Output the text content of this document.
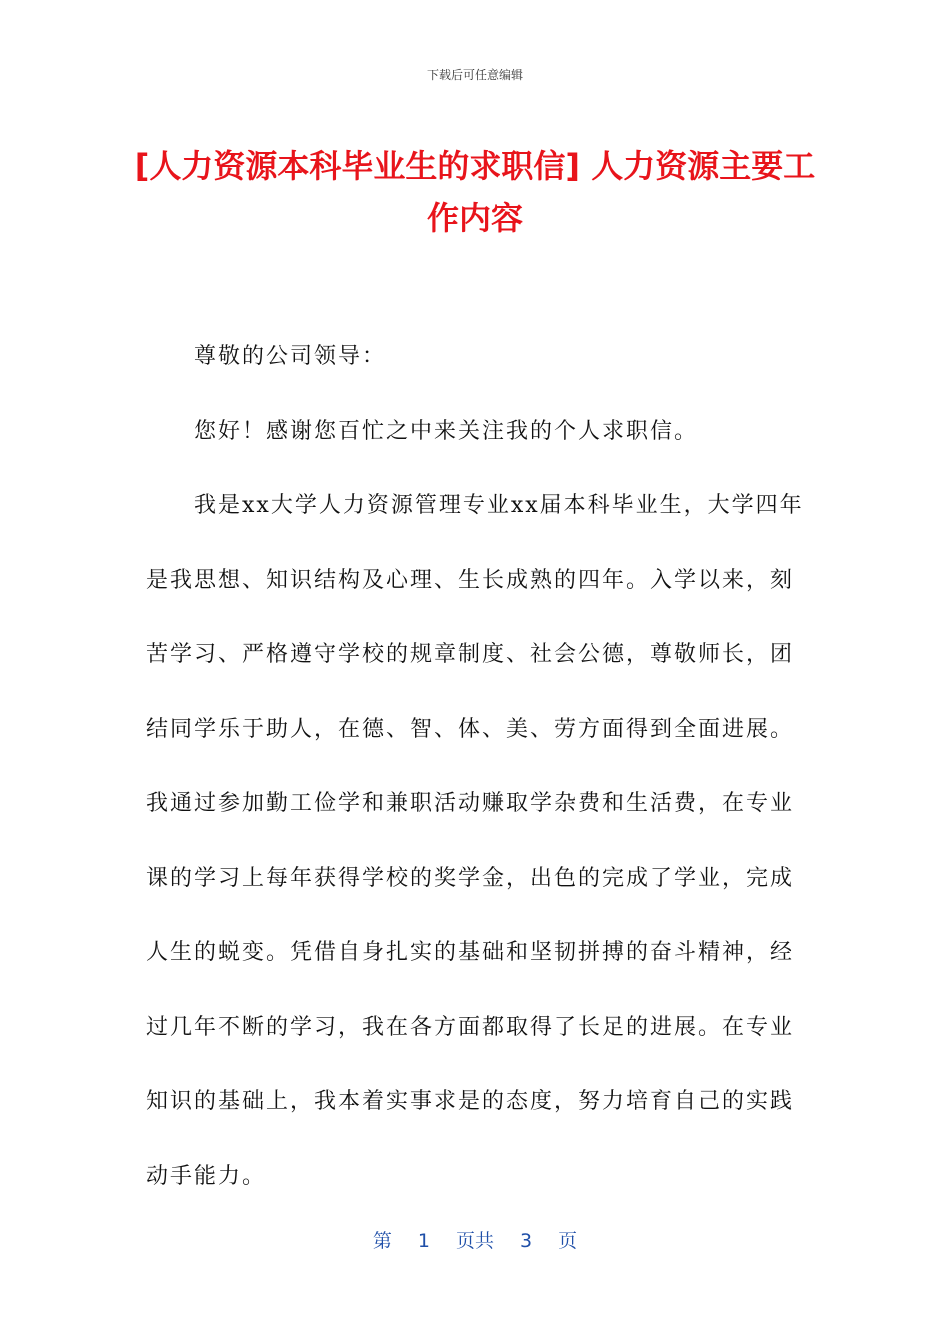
下载后可任意编辑
[人力资源本科毕业生的求职信] 人力资源主要工作内容

尊敬的公司领导：

您好！感谢您百忙之中来关注我的个人求职信。

我是xx大学人力资源管理专业xx届本科毕业生，大学四年是我思想、知识结构及心理、生长成熟的四年。入学以来，刻苦学习、严格遵守学校的规章制度、社会公德，尊敬师长，团结同学乐于助人，在德、智、体、美、劳方面得到全面进展。我通过参加勤工俭学和兼职活动赚取学杂费和生活费，在专业课的学习上每年获得学校的奖学金，出色的完成了学业，完成人生的蜕变。凭借自身扎实的基础和坚韧拼搏的奋斗精神，经过几年不断的学习，我在各方面都取得了长足的进展。在专业知识的基础上，我本着实事求是的态度，努力培育自己的实践动手能力。

第 1 页共 3 页
